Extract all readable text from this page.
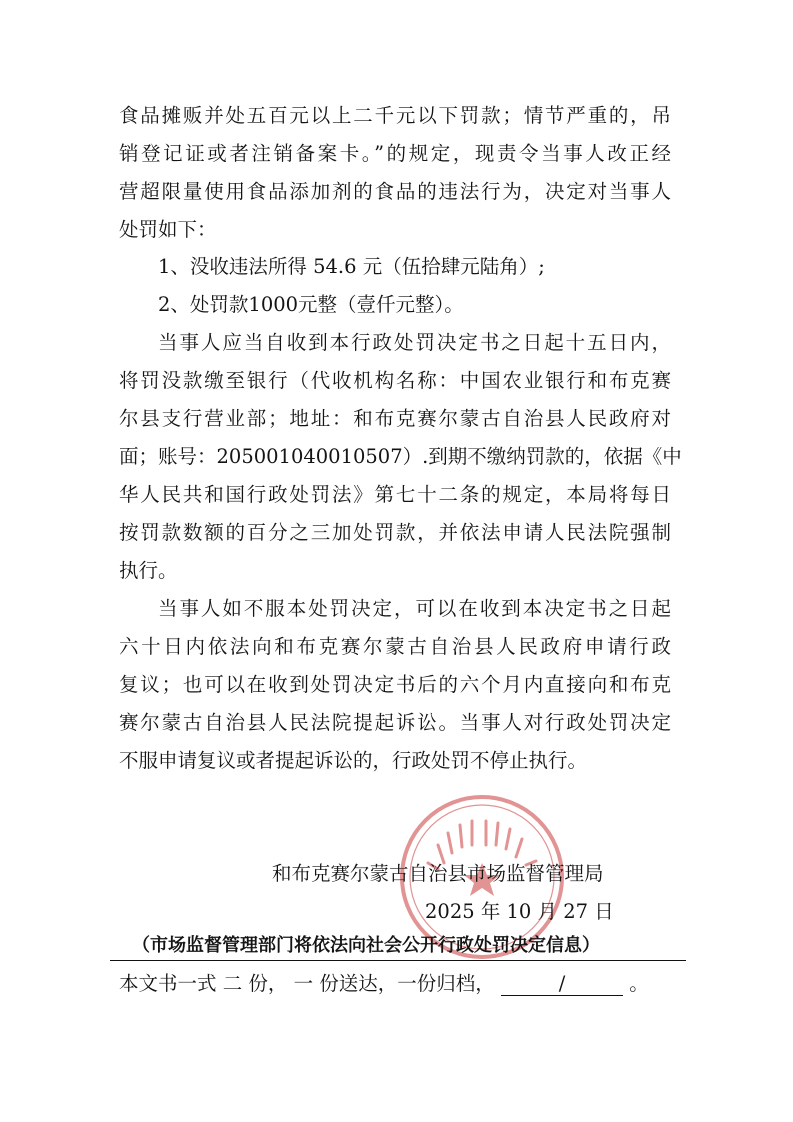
食品摊贩并处五百元以上二千元以下罚款；情节严重的，吊
销登记证或者注销备案卡。”的规定，现责令当事人改正经
营超限量使用食品添加剂的食品的违法行为，决定对当事人
处罚如下：
1、没收违法所得 54.6 元（伍拾肆元陆角）;
2、处罚款1000元整（壹仟元整）。
当事人应当自收到本行政处罚决定书之日起十五日内，
将罚没款缴至银行（代收机构名称：中国农业银行和布克赛
尔县支行营业部；地址：和布克赛尔蒙古自治县人民政府对
面；账号：205001040010507）.到期不缴纳罚款的，依据《中
华人民共和国行政处罚法》第七十二条的规定，本局将每日
按罚款数额的百分之三加处罚款，并依法申请人民法院强制
执行。
当事人如不服本处罚决定，可以在收到本决定书之日起
六十日内依法向和布克赛尔蒙古自治县人民政府申请行政
复议；也可以在收到处罚决定书后的六个月内直接向和布克
赛尔蒙古自治县人民法院提起诉讼。当事人对行政处罚决定
不服申请复议或者提起诉讼的，行政处罚不停止执行。
和布克赛尔蒙古自治县市场监督管理局
2025 年 10 月 27 日
（市场监督管理部门将依法向社会公开行政处罚决定信息）
本文书一式 二 份， 一 份送达，一份归档，	/	。
